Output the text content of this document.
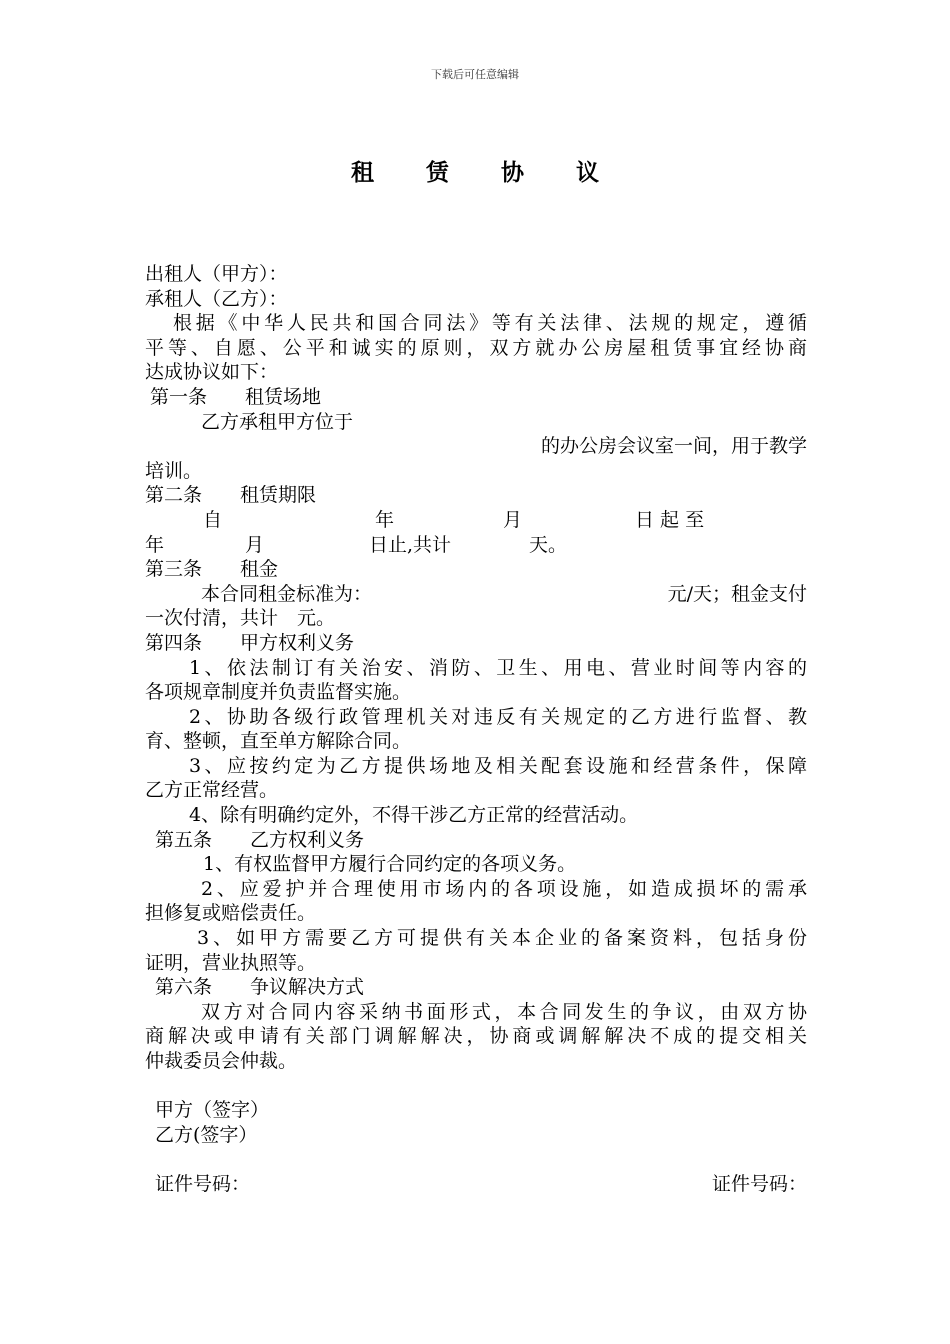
下载后可任意编辑
租 赁 协 议
出租人（甲方）：
承租人（乙方）：
根据《中华人民共和国合同法》等有关法律、法规的规定，遵循
平等、自愿、公平和诚实的原则，双方就办公房屋租赁事宜经协商
达成协议如下：
第一条　　租赁场地
乙方承租甲方位于
的办公房会议室一间，用于教学
培训。
第二条　　租赁期限
自	年	月	日 起 至
年	月	日止,共计	天。
第三条　　租金
本合同租金标准为：	元/天；租金支付
一次付清，共计　元。
第四条　　甲方权利义务
1、依法制订有关治安、消防、卫生、用电、营业时间等内容的
各项规章制度并负责监督实施。
2、协助各级行政管理机关对违反有关规定的乙方进行监督、教
育、整顿，直至单方解除合同。
3、应按约定为乙方提供场地及相关配套设施和经营条件，保障
乙方正常经营。
4、除有明确约定外，不得干涉乙方正常的经营活动。
第五条　　乙方权利义务
1、有权监督甲方履行合同约定的各项义务。
2、应爱护并合理使用市场内的各项设施，如造成损坏的需承
担修复或赔偿责任。
3、如甲方需要乙方可提供有关本企业的备案资料，包括身份
证明，营业执照等。
第六条　　争议解决方式
双方对合同内容采纳书面形式，本合同发生的争议，由双方协
商解决或申请有关部门调解解决，协商或调解解决不成的提交相关
仲裁委员会仲裁。
甲方（签字）
乙方(签字）
证件号码：	证件号码：
